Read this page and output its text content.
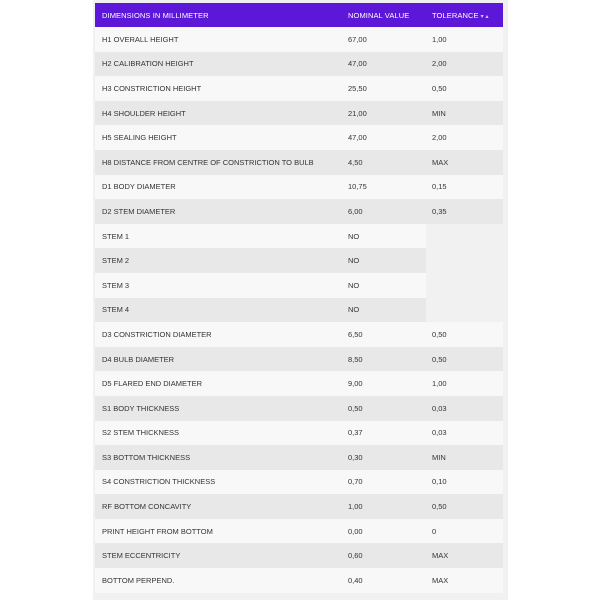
DIMENSIONS IN MILLIMETER	NOMINAL VALUE	TOLERANCE ▾ ▴
H1 OVERALL HEIGHT	67,00	1,00
H2 CALIBRATION HEIGHT	47,00	2,00
H3 CONSTRICTION HEIGHT	25,50	0,50
H4 SHOULDER HEIGHT	21,00	MIN
H5 SEALING HEIGHT	47,00	2,00
H8 DISTANCE FROM CENTRE OF CONSTRICTION TO BULB	4,50	MAX
D1 BODY DIAMETER	10,75	0,15
D2 STEM DIAMETER	6,00	0,35
STEM 1	NO	
STEM 2	NO	
STEM 3	NO	
STEM 4	NO	
D3 CONSTRICTION DIAMETER	6,50	0,50
D4 BULB DIAMETER	8,50	0,50
D5 FLARED END DIAMETER	9,00	1,00
S1 BODY THICKNESS	0,50	0,03
S2 STEM THICKNESS	0,37	0,03
S3 BOTTOM THICKNESS	0,30	MIN
S4 CONSTRICTION THICKNESS	0,70	0,10
RF BOTTOM CONCAVITY	1,00	0,50
PRINT HEIGHT FROM BOTTOM	0,00	0
STEM ECCENTRICITY	0,60	MAX
BOTTOM PERPEND.	0,40	MAX
